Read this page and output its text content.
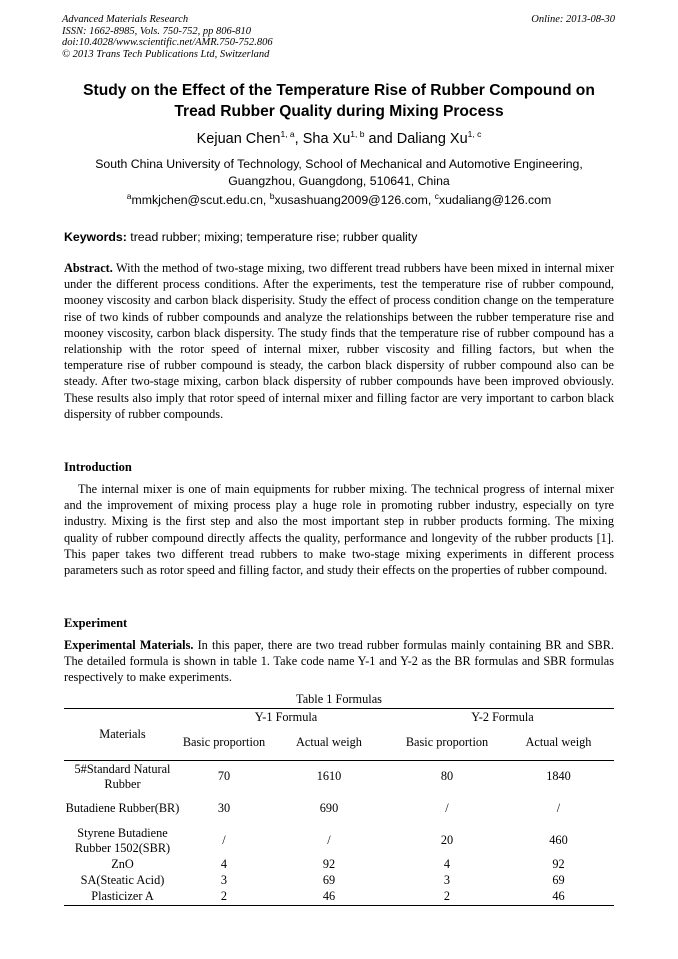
Advanced Materials Research
ISSN: 1662-8985, Vols. 750-752, pp 806-810
doi:10.4028/www.scientific.net/AMR.750-752.806
© 2013 Trans Tech Publications Ltd, Switzerland
Online: 2013-08-30
Study on the Effect of the Temperature Rise of Rubber Compound on
Tread Rubber Quality during Mixing Process
Kejuan Chen$^{1, a}$, Sha Xu$^{1, b}$ and Daliang Xu$^{1, c}$
South China University of Technology, School of Mechanical and Automotive Engineering,
Guangzhou, Guangdong, 510641, China
$^a$mmkjchen@scut.edu.cn, $^b$xusashuang2009@126.com, $^c$xudaliang@126.com
Keywords: tread rubber; mixing; temperature rise; rubber quality
Abstract. With the method of two-stage mixing, two different tread rubbers have been mixed in internal mixer under the different process conditions. After the experiments, test the temperature rise of rubber compound, mooney viscosity and carbon black disperisity. Study the effect of process condition change on the temperature rise of two kinds of rubber compounds and analyze the relationships between the rubber temperature rise and mooney viscosity, carbon black dispersity. The study finds that the temperature rise of rubber compound has a relationship with the rotor speed of internal mixer, rubber viscosity and filling factors, but when the temperature rise of rubber compound is steady, the carbon black dispersity of rubber compound also can be steady. After two-stage mixing, carbon black dispersity of rubber compounds have been improved obviously. These results also imply that rotor speed of internal mixer and filling factor are very important to carbon black dispersity of rubber compounds.
Introduction
The internal mixer is one of main equipments for rubber mixing. The technical progress of internal mixer and the improvement of mixing process play a huge role in promoting rubber industry, especially on tyre industry. Mixing is the first step and also the most important step in rubber products forming. The mixing quality of rubber compound directly affects the quality, performance and longevity of the rubber products [1]. This paper takes two different tread rubbers to make two-stage mixing experiments in different process parameters such as rotor speed and filling factor, and study their effects on the properties of rubber compound.
Experiment
Experimental Materials. In this paper, there are two tread rubber formulas mainly containing BR and SBR. The detailed formula is shown in table 1. Take code name Y-1 and Y-2 as the BR formulas and SBR formulas respectively to make experiments.
Table 1 Formulas
Materials	Y-1 Formula		Y-2 Formula	
	Basic proportion	Actual weigh	Basic proportion	Actual weigh
5#Standard Natural Rubber	70	1610	80	1840
Butadiene Rubber(BR)	30	690	/	/
Styrene Butadiene Rubber 1502(SBR)	/	/	20	460
ZnO	4	92	4	92
SA(Steatic Acid)	3	69	3	69
Plasticizer A	2	46	2	46
